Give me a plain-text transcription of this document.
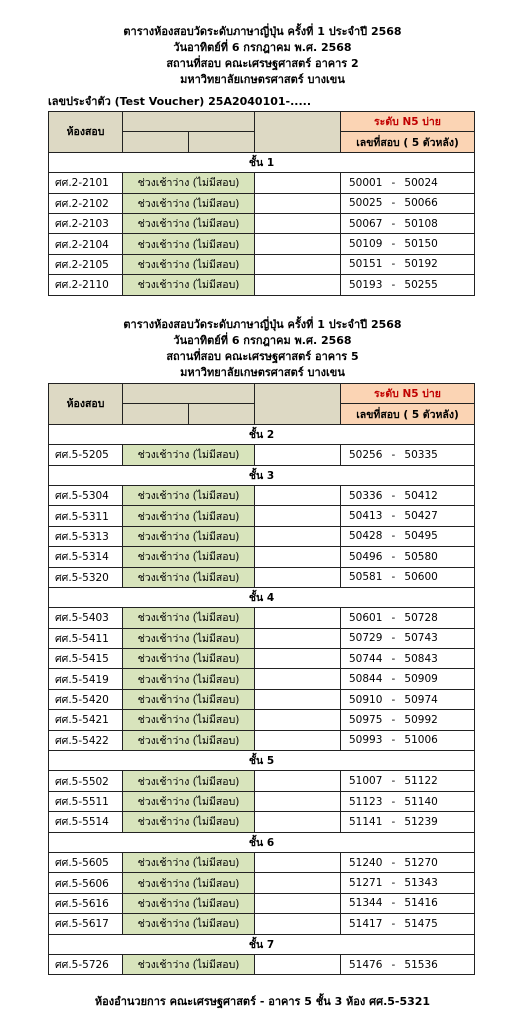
ตารางห้องสอบวัดระดับภาษาญี่ปุ่น ครั้งที่ 1 ประจำปี 2568
วันอาทิตย์ที่ 6 กรกฎาคม พ.ศ. 2568
สถานที่สอบ คณะเศรษฐศาสตร์ อาคาร 2
มหาวิทยาลัยเกษตรศาสตร์ บางเขน
เลขประจำตัว (Test Voucher) 25A2040101-.....
ห้องสอบ				ระดับ N5 บ่าย
				เลขที่สอบ ( 5 ตัวหลัง)
ชั้น 1				
ศศ.2-2101	ช่วงเช้าว่าง (ไม่มีสอบ)			50001 - 50024
ศศ.2-2102	ช่วงเช้าว่าง (ไม่มีสอบ)			50025 - 50066
ศศ.2-2103	ช่วงเช้าว่าง (ไม่มีสอบ)			50067 - 50108
ศศ.2-2104	ช่วงเช้าว่าง (ไม่มีสอบ)			50109 - 50150
ศศ.2-2105	ช่วงเช้าว่าง (ไม่มีสอบ)			50151 - 50192
ศศ.2-2110	ช่วงเช้าว่าง (ไม่มีสอบ)			50193 - 50255
ตารางห้องสอบวัดระดับภาษาญี่ปุ่น ครั้งที่ 1 ประจำปี 2568
วันอาทิตย์ที่ 6 กรกฎาคม พ.ศ. 2568
สถานที่สอบ คณะเศรษฐศาสตร์ อาคาร 5
มหาวิทยาลัยเกษตรศาสตร์ บางเขน
ห้องสอบ				ระดับ N5 บ่าย
				เลขที่สอบ ( 5 ตัวหลัง)
ชั้น 2				
ศศ.5-5205	ช่วงเช้าว่าง (ไม่มีสอบ)			50256 - 50335
ชั้น 3				
ศศ.5-5304	ช่วงเช้าว่าง (ไม่มีสอบ)			50336 - 50412
ศศ.5-5311	ช่วงเช้าว่าง (ไม่มีสอบ)			50413 - 50427
ศศ.5-5313	ช่วงเช้าว่าง (ไม่มีสอบ)			50428 - 50495
ศศ.5-5314	ช่วงเช้าว่าง (ไม่มีสอบ)			50496 - 50580
ศศ.5-5320	ช่วงเช้าว่าง (ไม่มีสอบ)			50581 - 50600
ชั้น 4				
ศศ.5-5403	ช่วงเช้าว่าง (ไม่มีสอบ)			50601 - 50728
ศศ.5-5411	ช่วงเช้าว่าง (ไม่มีสอบ)			50729 - 50743
ศศ.5-5415	ช่วงเช้าว่าง (ไม่มีสอบ)			50744 - 50843
ศศ.5-5419	ช่วงเช้าว่าง (ไม่มีสอบ)			50844 - 50909
ศศ.5-5420	ช่วงเช้าว่าง (ไม่มีสอบ)			50910 - 50974
ศศ.5-5421	ช่วงเช้าว่าง (ไม่มีสอบ)			50975 - 50992
ศศ.5-5422	ช่วงเช้าว่าง (ไม่มีสอบ)			50993 - 51006
ชั้น 5				
ศศ.5-5502	ช่วงเช้าว่าง (ไม่มีสอบ)			51007 - 51122
ศศ.5-5511	ช่วงเช้าว่าง (ไม่มีสอบ)			51123 - 51140
ศศ.5-5514	ช่วงเช้าว่าง (ไม่มีสอบ)			51141 - 51239
ชั้น 6				
ศศ.5-5605	ช่วงเช้าว่าง (ไม่มีสอบ)			51240 - 51270
ศศ.5-5606	ช่วงเช้าว่าง (ไม่มีสอบ)			51271 - 51343
ศศ.5-5616	ช่วงเช้าว่าง (ไม่มีสอบ)			51344 - 51416
ศศ.5-5617	ช่วงเช้าว่าง (ไม่มีสอบ)			51417 - 51475
ชั้น 7				
ศศ.5-5726	ช่วงเช้าว่าง (ไม่มีสอบ)			51476 - 51536
ห้องอำนวยการ คณะเศรษฐศาสตร์ - อาคาร 5 ชั้น 3 ห้อง ศศ.5-5321
